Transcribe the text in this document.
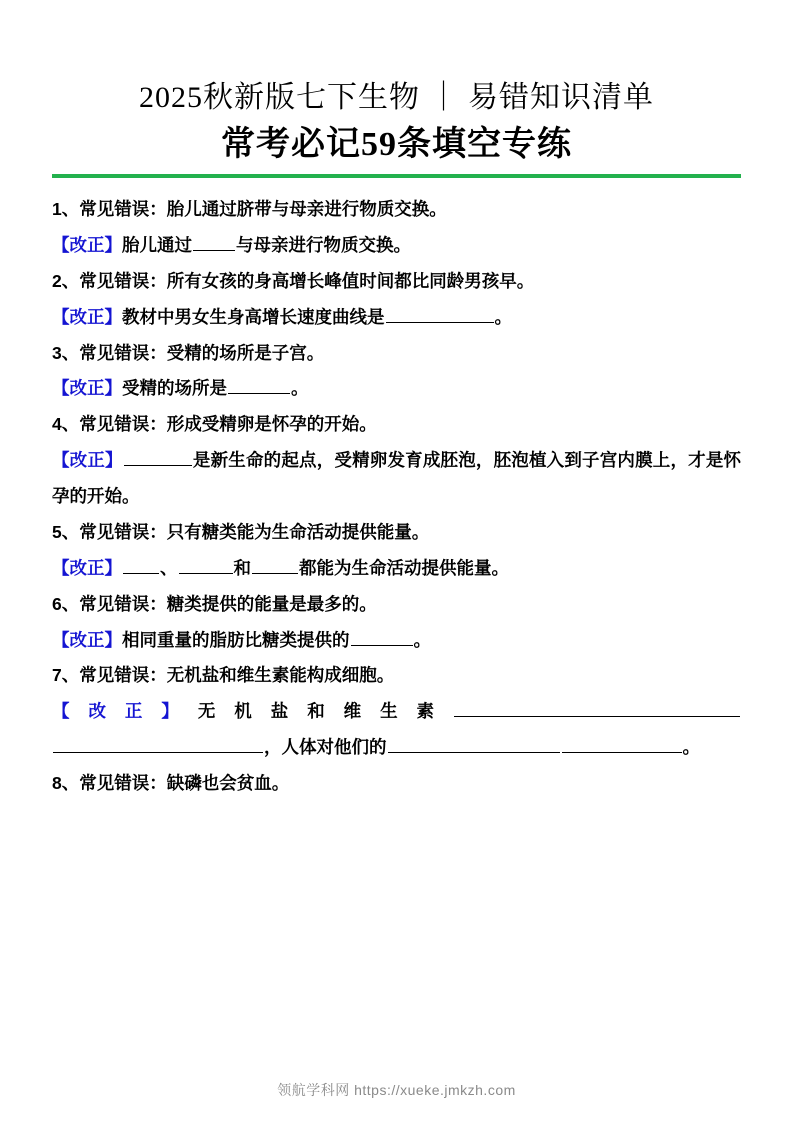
2025秋新版七下生物 ｜ 易错知识清单
常考必记59条填空专练

1、常见错误：胎儿通过脐带与母亲进行物质交换。

【改正】胎儿通过	与母亲进行物质交换。

2、常见错误：所有女孩的身高增长峰值时间都比同龄男孩早。

【改正】教材中男女生身高增长速度曲线是	。

3、常见错误：受精的场所是子宫。

【改正】受精的场所是	。

4、常见错误：形成受精卵是怀孕的开始。

【改正】	是新生命的起点，受精卵发育成胚泡，胚泡植入到子宫内膜上，才是怀孕的开始。

5、常见错误：只有糖类能为生命活动提供能量。

【改正】 、	和	都能为生命活动提供能量。

6、常见错误：糖类提供的能量是最多的。

【改正】相同重量的脂肪比糖类提供的	。

7、常见错误：无机盐和维生素能构成细胞。

【改正】无机盐和维生素，人体对他们的	。

8、常见错误：缺磷也会贫血。

领航学科网 https://xueke.jmkzh.com
